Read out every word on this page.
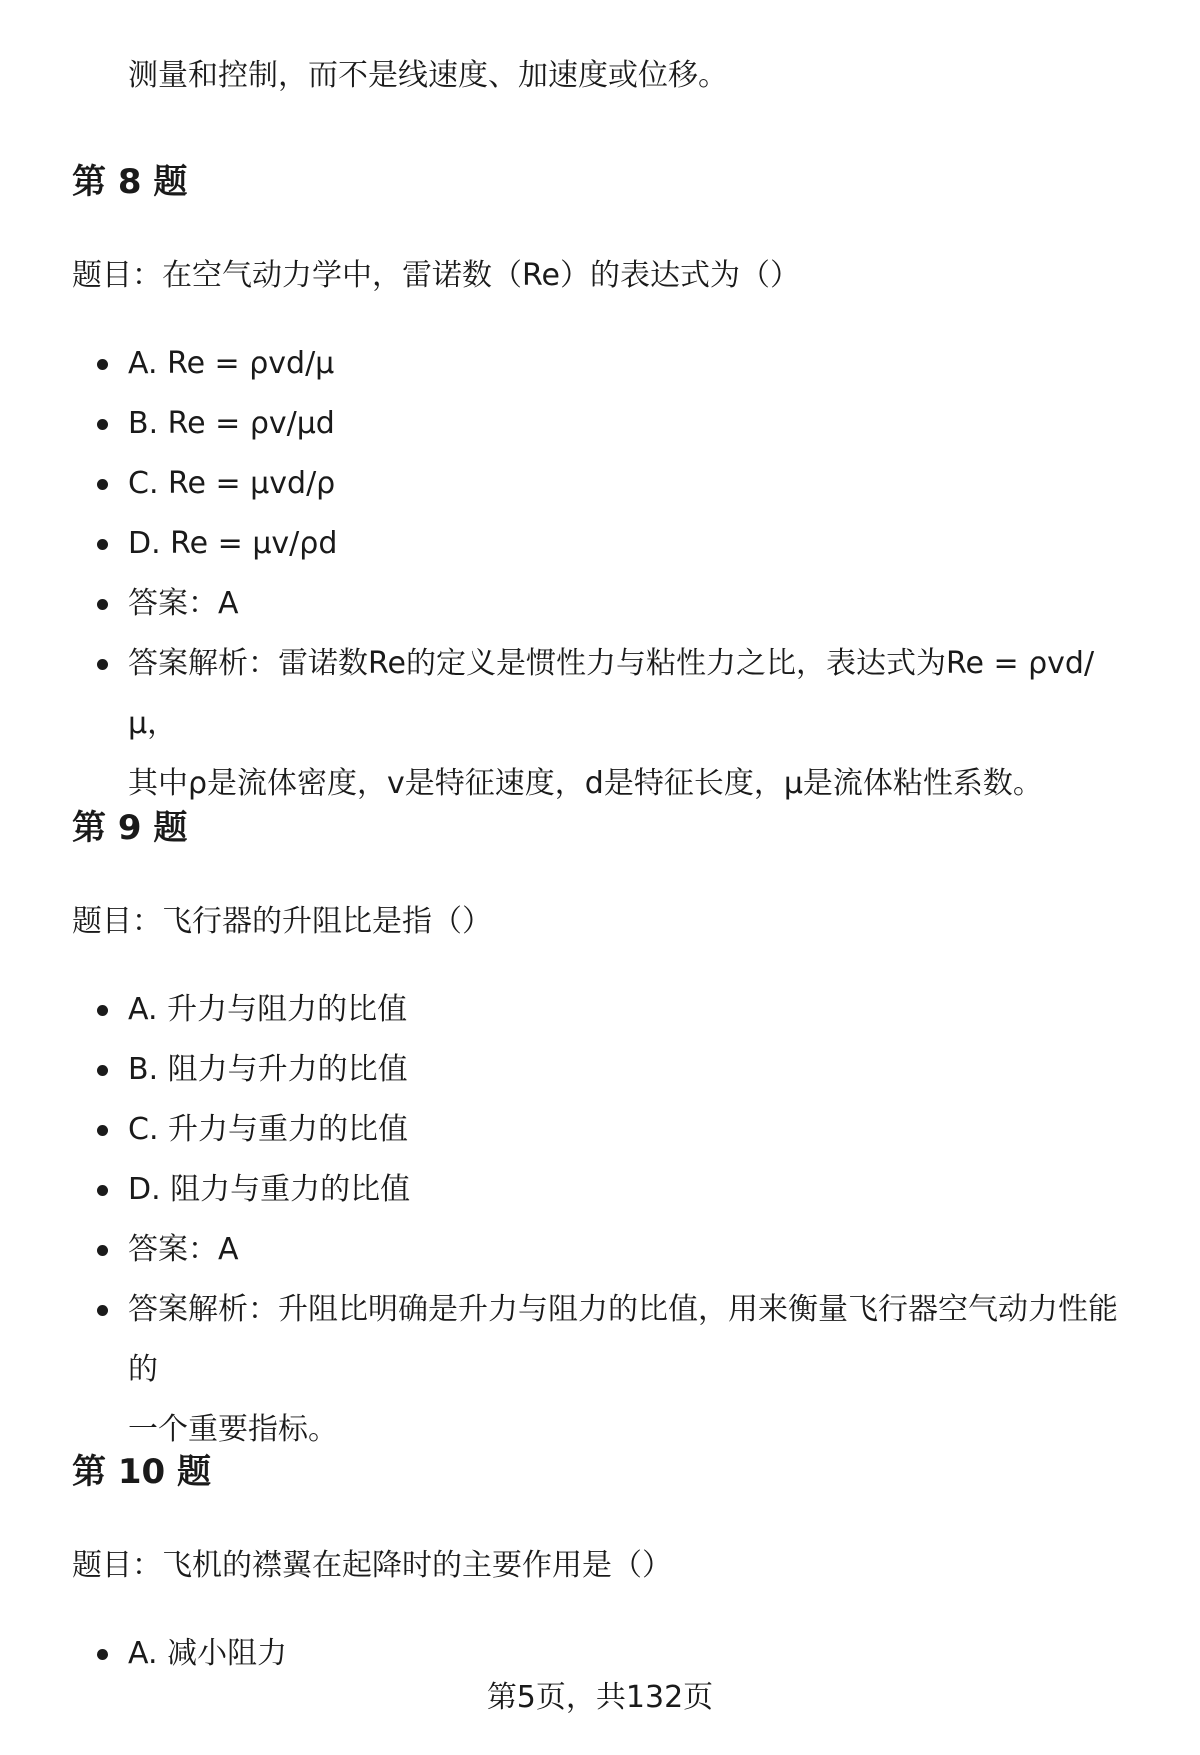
测量和控制，而不是线速度、加速度或位移。
第 8 题
题目：在空气动力学中，雷诺数（Re）的表达式为（）
A. Re = ρvd/μ
B. Re = ρv/μd
C. Re = μvd/ρ
D. Re = μv/ρd
答案：A
答案解析：雷诺数Re的定义是惯性力与粘性力之比，表达式为Re = ρvd/μ，
其中ρ是流体密度，v是特征速度，d是特征长度，μ是流体粘性系数。
第 9 题
题目：飞行器的升阻比是指（）
A. 升力与阻力的比值
B. 阻力与升力的比值
C. 升力与重力的比值
D. 阻力与重力的比值
答案：A
答案解析：升阻比明确是升力与阻力的比值，用来衡量飞行器空气动力性能的
一个重要指标。
第 10 题
题目：飞机的襟翼在起降时的主要作用是（）
A. 减小阻力
第5页，共132页
